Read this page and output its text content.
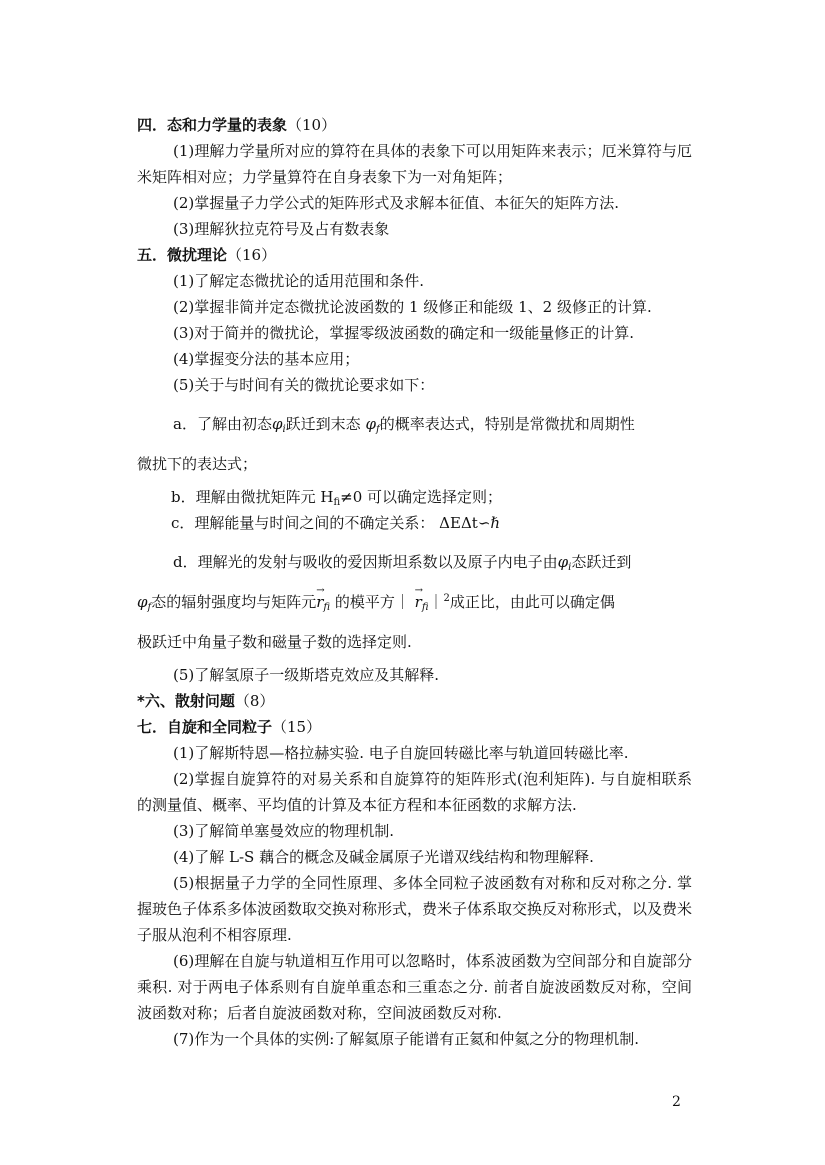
四．态和力学量的表象（10）
(1)理解力学量所对应的算符在具体的表象下可以用矩阵来表示；厄米算符与厄米矩阵相对应；力学量算符在自身表象下为一对角矩阵；
(2)掌握量子力学公式的矩阵形式及求解本征值、本征矢的矩阵方法.
(3)理解狄拉克符号及占有数表象
五．微扰理论（16）
(1)了解定态微扰论的适用范围和条件.
(2)掌握非简并定态微扰论波函数的 1 级修正和能级 1、2 级修正的计算.
(3)对于简并的微扰论，掌握零级波函数的确定和一级能量修正的计算.
(4)掌握变分法的基本应用；
(5)关于与时间有关的微扰论要求如下：
a．了解由初态$\varphi_i$跃迁到末态 $\varphi_f$的概率表达式，特别是常微扰和周期性
微扰下的表达式；
b．理解由微扰矩阵元 $H_{fi}\ne 0$ 可以确定选择定则；
c．理解能量与时间之间的不确定关系： ΔEΔt∽ℏ
d．理解光的发射与吸收的爱因斯坦系数以及原子内电子由$\varphi_i$态跃迁到
$\varphi_f$态的辐射强度均与矩阵元→ $r_{fi}$ 的模平方｜ → $r_{fi}|^2$成正比，由此可以确定偶
极跃迁中角量子数和磁量子数的选择定则.
(5)了解氢原子一级斯塔克效应及其解释.
*六、散射问题（8）
七．自旋和全同粒子（15）
(1)了解斯特恩—格拉赫实验. 电子自旋回转磁比率与轨道回转磁比率.
(2)掌握自旋算符的对易关系和自旋算符的矩阵形式(泡利矩阵). 与自旋相联系的测量值、概率、平均值的计算及本征方程和本征函数的求解方法.
(3)了解简单塞曼效应的物理机制.
(4)了解 L-S 藕合的概念及碱金属原子光谱双线结构和物理解释.
(5)根据量子力学的全同性原理、多体全同粒子波函数有对称和反对称之分. 掌握玻色子体系多体波函数取交换对称形式，费米子体系取交换反对称形式，以及费米子服从泡利不相容原理.
(6)理解在自旋与轨道相互作用可以忽略时，体系波函数为空间部分和自旋部分乘积. 对于两电子体系则有自旋单重态和三重态之分. 前者自旋波函数反对称，空间波函数对称；后者自旋波函数对称，空间波函数反对称.
(7)作为一个具体的实例:了解氦原子能谱有正氦和仲氦之分的物理机制.
2
